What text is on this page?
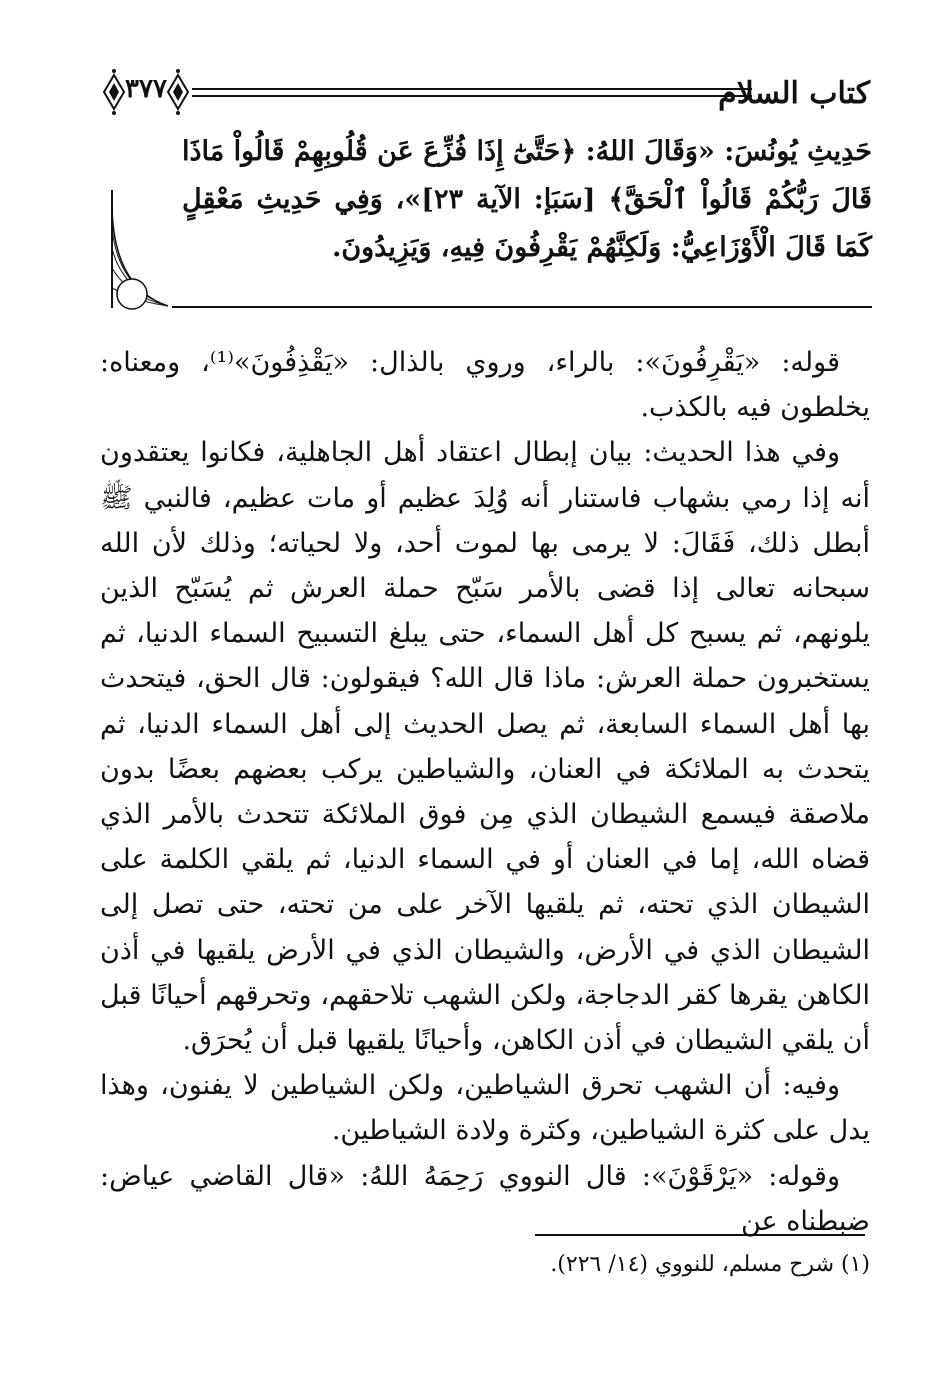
كتاب السلام
٣٧٧
حَدِيثِ يُونُسَ: «وَقَالَ اللهُ: ﴿حَتَّىٰٓ إِذَا فُزِّعَ عَن قُلُوبِهِمْ قَالُواْ مَاذَا قَالَ رَبُّكُمْ قَالُواْ ٱلْحَقَّ﴾ [سَبَإ: الآية ٢٣]»، وَفِي حَدِيثِ مَعْقِلٍ كَمَا قَالَ الْأَوْزَاعِيُّ: وَلَكِنَّهُمْ يَقْرِفُونَ فِيهِ، وَيَزِيدُونَ.

قوله: «يَقْرِفُونَ»: بالراء، وروي بالذال: «يَقْذِفُونَ»⁽¹⁾، ومعناه: يخلطون فيه بالكذب.

وفي هذا الحديث: بيان إبطال اعتقاد أهل الجاهلية، فكانوا يعتقدون أنه إذا رمي بشهاب فاستنار أنه وُلِدَ عظيم أو مات عظيم، فالنبي ﷺ أبطل ذلك، فَقَالَ: لا يرمى بها لموت أحد، ولا لحياته؛ وذلك لأن الله سبحانه تعالى إذا قضى بالأمر سَبّح حملة العرش ثم يُسَبّح الذين يلونهم، ثم يسبح كل أهل السماء، حتى يبلغ التسبيح السماء الدنيا، ثم يستخبرون حملة العرش: ماذا قال الله؟ فيقولون: قال الحق، فيتحدث بها أهل السماء السابعة، ثم يصل الحديث إلى أهل السماء الدنيا، ثم يتحدث به الملائكة في العنان، والشياطين يركب بعضهم بعضًا بدون ملاصقة فيسمع الشيطان الذي مِن فوق الملائكة تتحدث بالأمر الذي قضاه الله، إما في العنان أو في السماء الدنيا، ثم يلقي الكلمة على الشيطان الذي تحته، ثم يلقيها الآخر على من تحته، حتى تصل إلى الشيطان الذي في الأرض، والشيطان الذي في الأرض يلقيها في أذن الكاهن يقرها كقر الدجاجة، ولكن الشهب تلاحقهم، وتحرقهم أحيانًا قبل أن يلقي الشيطان في أذن الكاهن، وأحيانًا يلقيها قبل أن يُحرَق.

وفيه: أن الشهب تحرق الشياطين، ولكن الشياطين لا يفنون، وهذا يدل على كثرة الشياطين، وكثرة ولادة الشياطين.

وقوله: «يَرْقَوْنَ»: قال النووي رَحِمَهُ اللهُ: «قال القاضي عياض: ضبطناه عن

(١) شرح مسلم، للنووي (١٤/ ٢٢٦).
